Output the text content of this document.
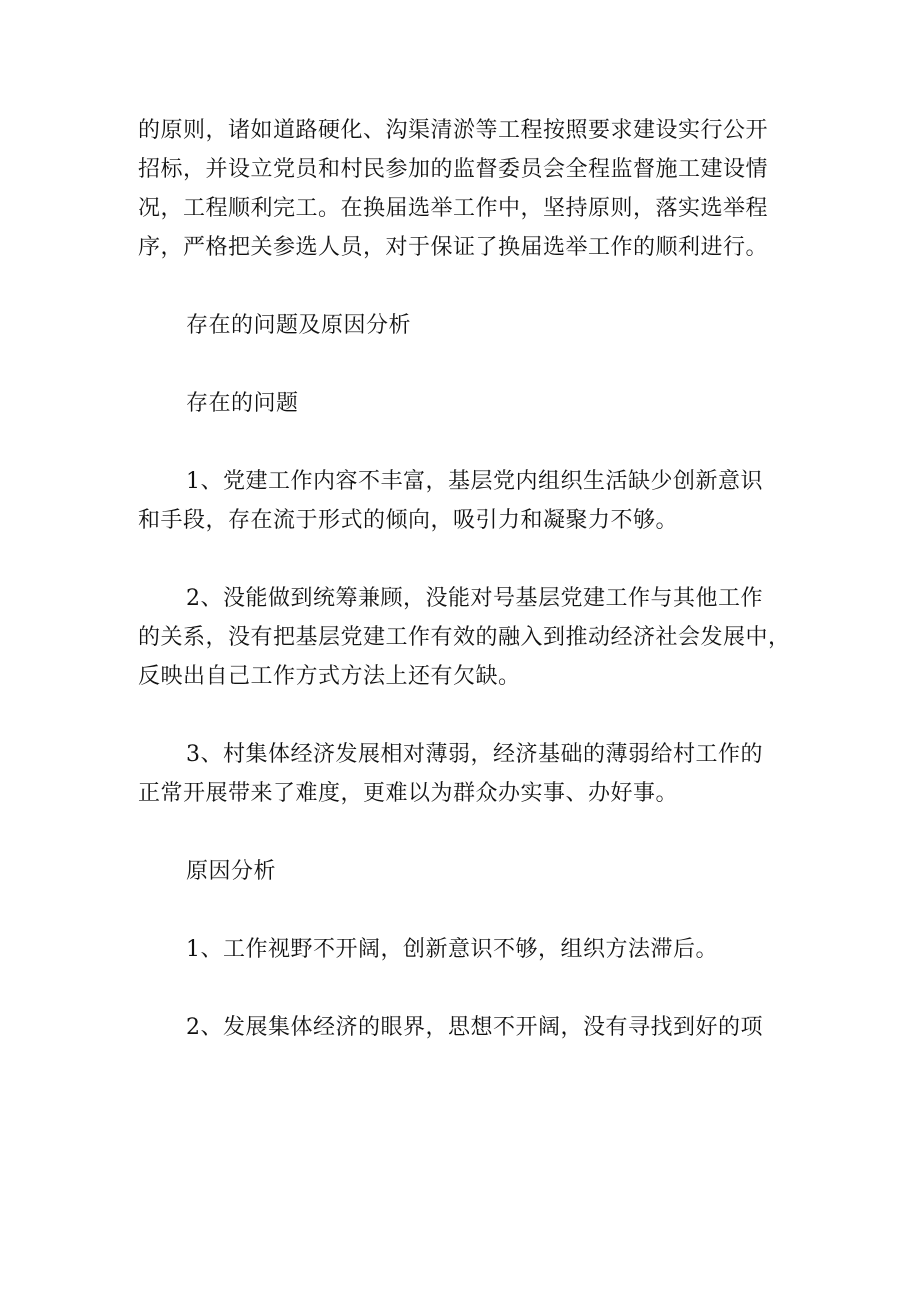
的原则，诸如道路硬化、沟渠清淤等工程按照要求建设实行公开
招标，并设立党员和村民参加的监督委员会全程监督施工建设情
况，工程顺利完工。在换届选举工作中，坚持原则，落实选举程
序，严格把关参选人员，对于保证了换届选举工作的顺利进行。

存在的问题及原因分析

存在的问题

1、党建工作内容不丰富，基层党内组织生活缺少创新意识
和手段，存在流于形式的倾向，吸引力和凝聚力不够。

2、没能做到统筹兼顾，没能对号基层党建工作与其他工作
的关系，没有把基层党建工作有效的融入到推动经济社会发展中，
反映出自己工作方式方法上还有欠缺。

3、村集体经济发展相对薄弱，经济基础的薄弱给村工作的
正常开展带来了难度，更难以为群众办实事、办好事。

原因分析

1、工作视野不开阔，创新意识不够，组织方法滞后。

2、发展集体经济的眼界，思想不开阔，没有寻找到好的项
